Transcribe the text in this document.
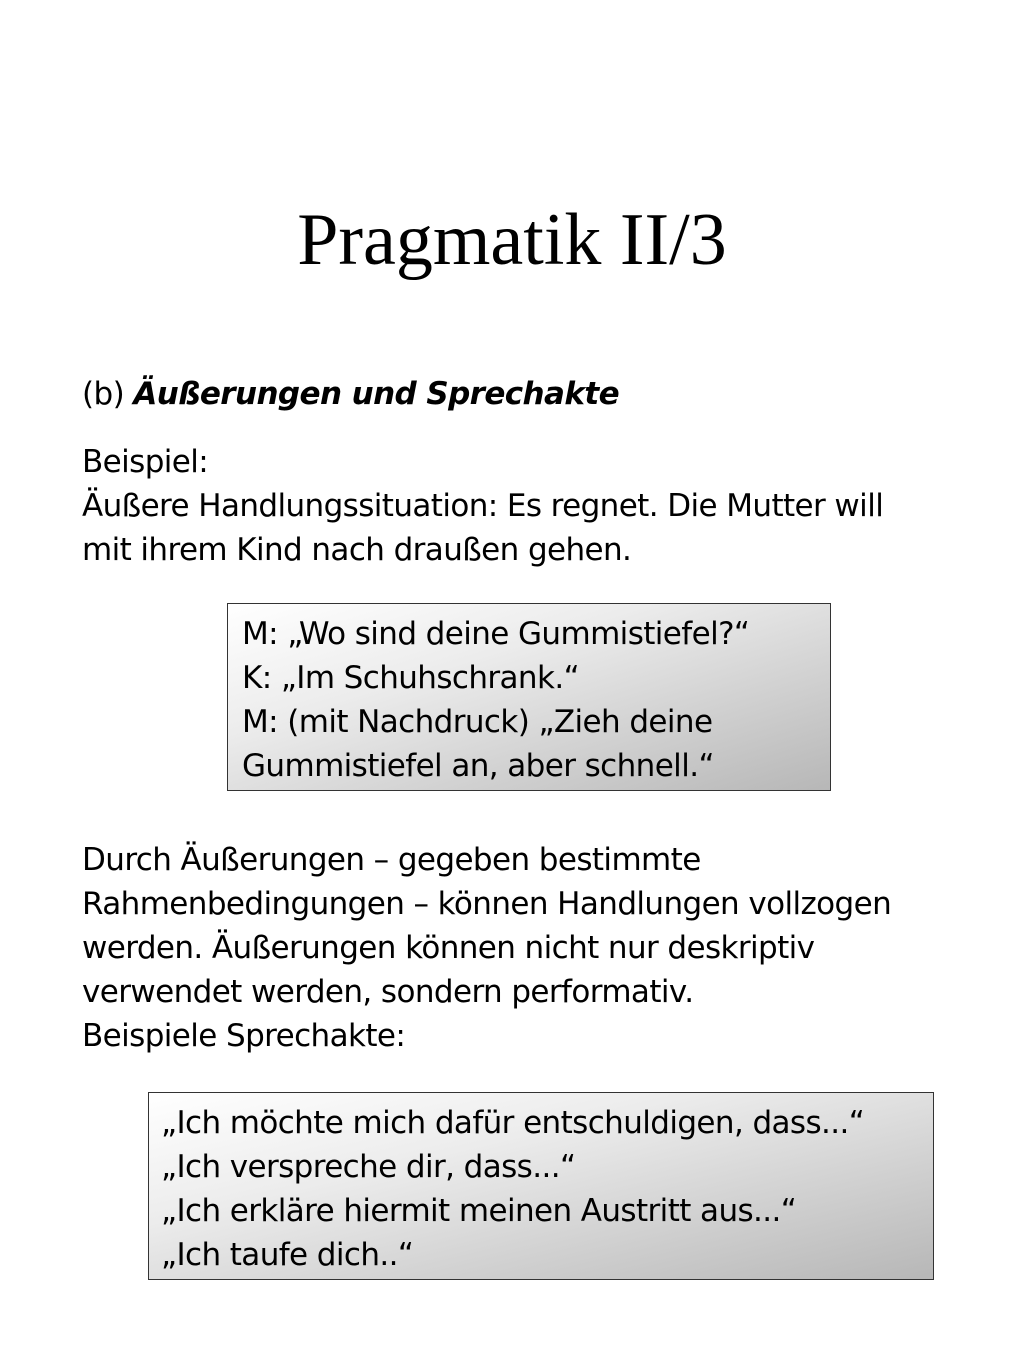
Pragmatik II/3
(b) Äußerungen und Sprechakte
Beispiel:
Äußere Handlungssituation: Es regnet. Die Mutter will
mit ihrem Kind nach draußen gehen.
M: „Wo sind deine Gummistiefel?“
K: „Im Schuhschrank.“
M: (mit Nachdruck) „Zieh deine
Gummistiefel an, aber schnell.“
Durch Äußerungen – gegeben bestimmte
Rahmenbedingungen – können Handlungen vollzogen
werden. Äußerungen können nicht nur deskriptiv
verwendet werden, sondern performativ.
Beispiele Sprechakte:
„Ich möchte mich dafür entschuldigen, dass...“
„Ich verspreche dir, dass...“
„Ich erkläre hiermit meinen Austritt aus...“
„Ich taufe dich..“
